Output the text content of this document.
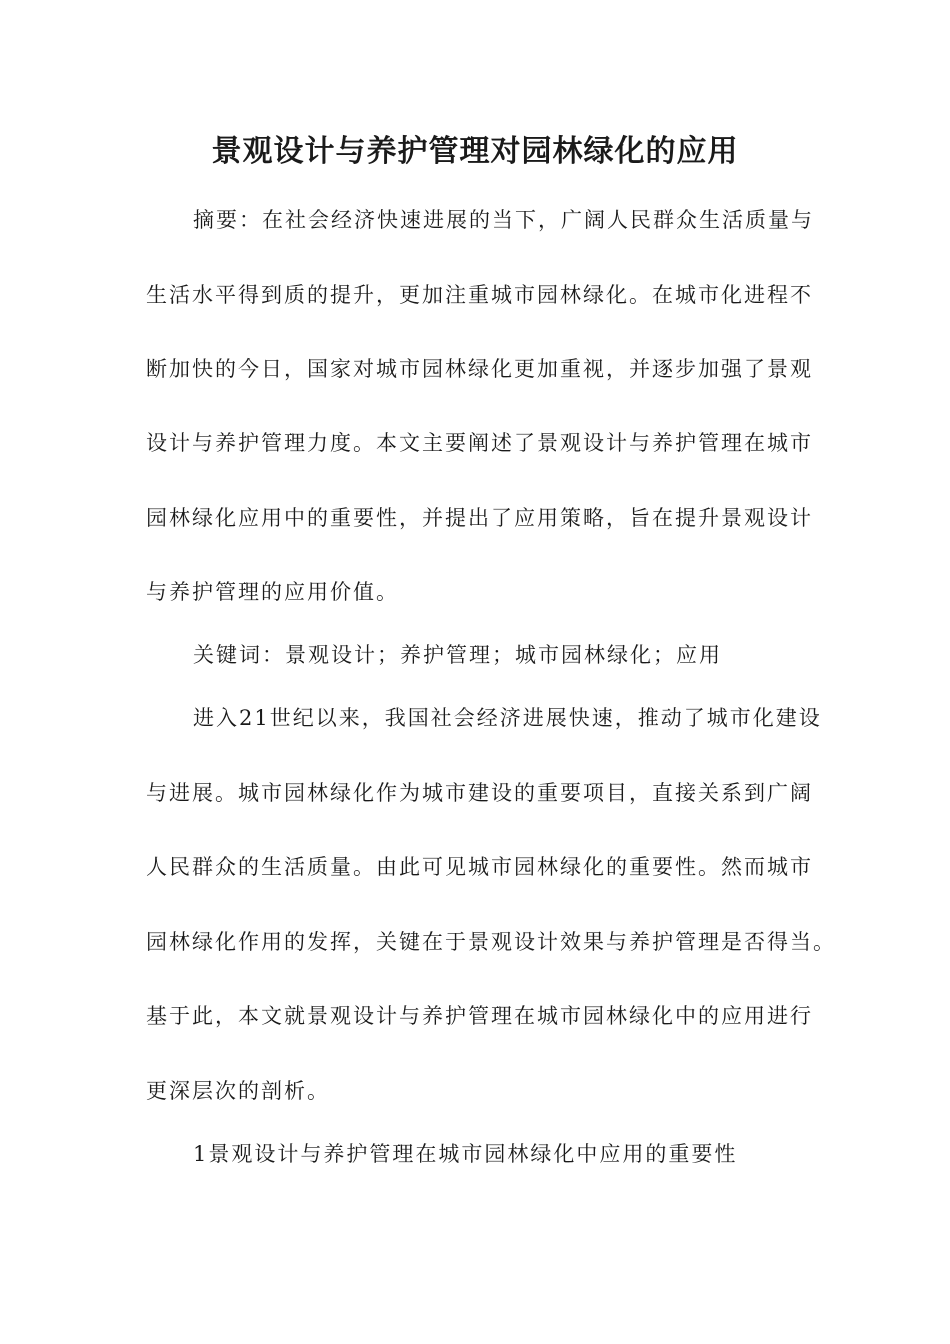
景观设计与养护管理对园林绿化的应用
摘要：在社会经济快速进展的当下，广阔人民群众生活质量与
生活水平得到质的提升，更加注重城市园林绿化。在城市化进程不
断加快的今日，国家对城市园林绿化更加重视，并逐步加强了景观
设计与养护管理力度。本文主要阐述了景观设计与养护管理在城市
园林绿化应用中的重要性，并提出了应用策略，旨在提升景观设计
与养护管理的应用价值。
关键词：景观设计；养护管理；城市园林绿化；应用
进入21世纪以来，我国社会经济进展快速，推动了城市化建设
与进展。城市园林绿化作为城市建设的重要项目，直接关系到广阔
人民群众的生活质量。由此可见城市园林绿化的重要性。然而城市
园林绿化作用的发挥，关键在于景观设计效果与养护管理是否得当。
基于此，本文就景观设计与养护管理在城市园林绿化中的应用进行
更深层次的剖析。
1景观设计与养护管理在城市园林绿化中应用的重要性
